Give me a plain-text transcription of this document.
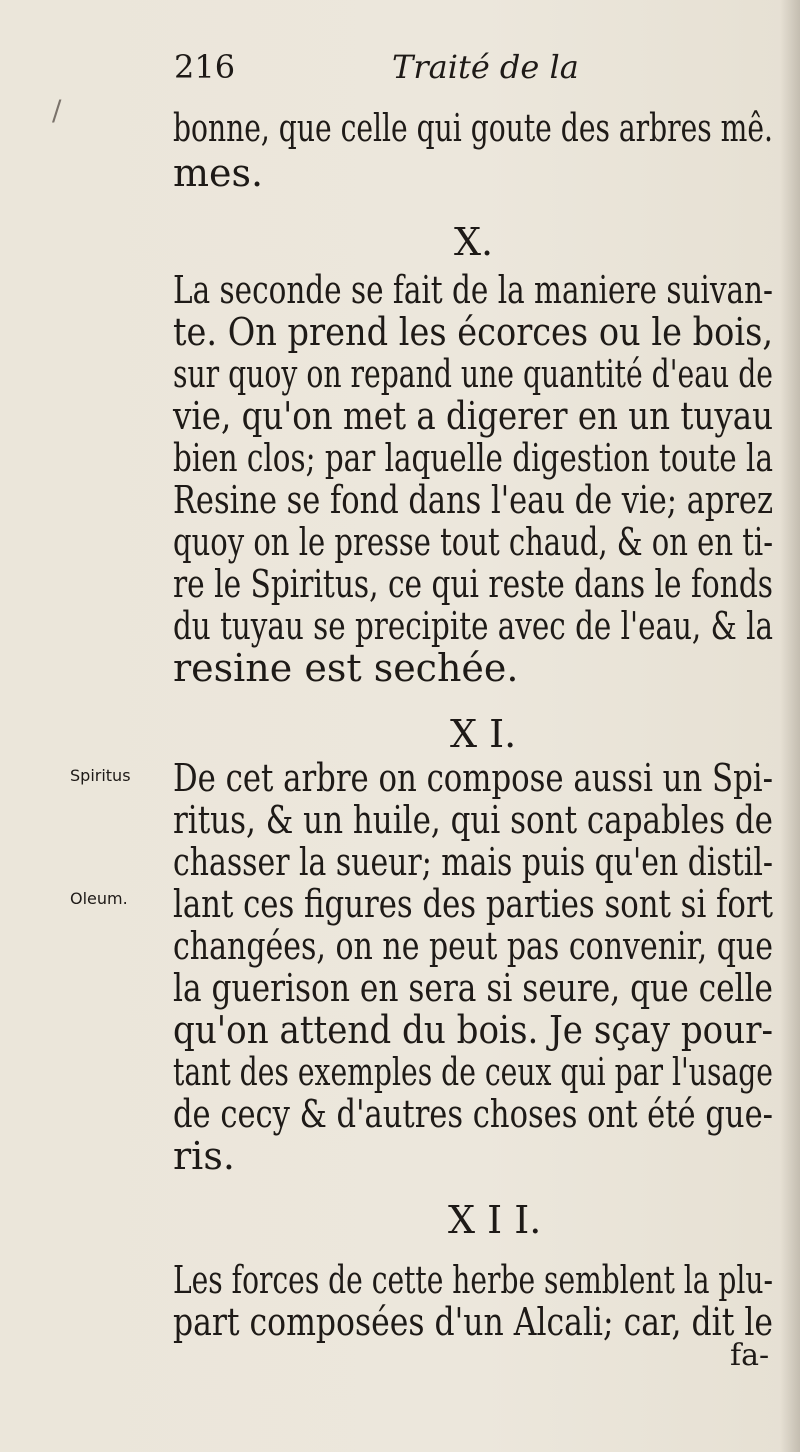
/
216	Traité de la
bonne, que celle qui goute des arbres mê.
mes.
X.
La seconde se fait de la maniere suivan-
te. On prend les écorces ou le bois,
sur quoy on repand une quantité d'eau de
vie, qu'on met a digerer en un tuyau
bien clos; par laquelle digestion toute la
Resine se fond dans l'eau de vie; aprez
quoy on le presse tout chaud, & on en ti-
re le Spiritus, ce qui reste dans le fonds
du tuyau se precipite avec de l'eau, & la
resine est sechée.
X I.
Spiritus De cet arbre on compose aussi un Spi-
ritus, & un huile, qui sont capables de
chasser la sueur; mais puis qu'en distil-
Oleum. lant ces figures des parties sont si fort
changées, on ne peut pas convenir, que
la guerison en sera si seure, que celle
qu'on attend du bois. Je sçay pour-
tant des exemples de ceux qui par l'usage
de cecy & d'autres choses ont été gue-
ris.
X I I.
Les forces de cette herbe semblent la plu-
part composées d'un Alcali; car, dit le
fa-
